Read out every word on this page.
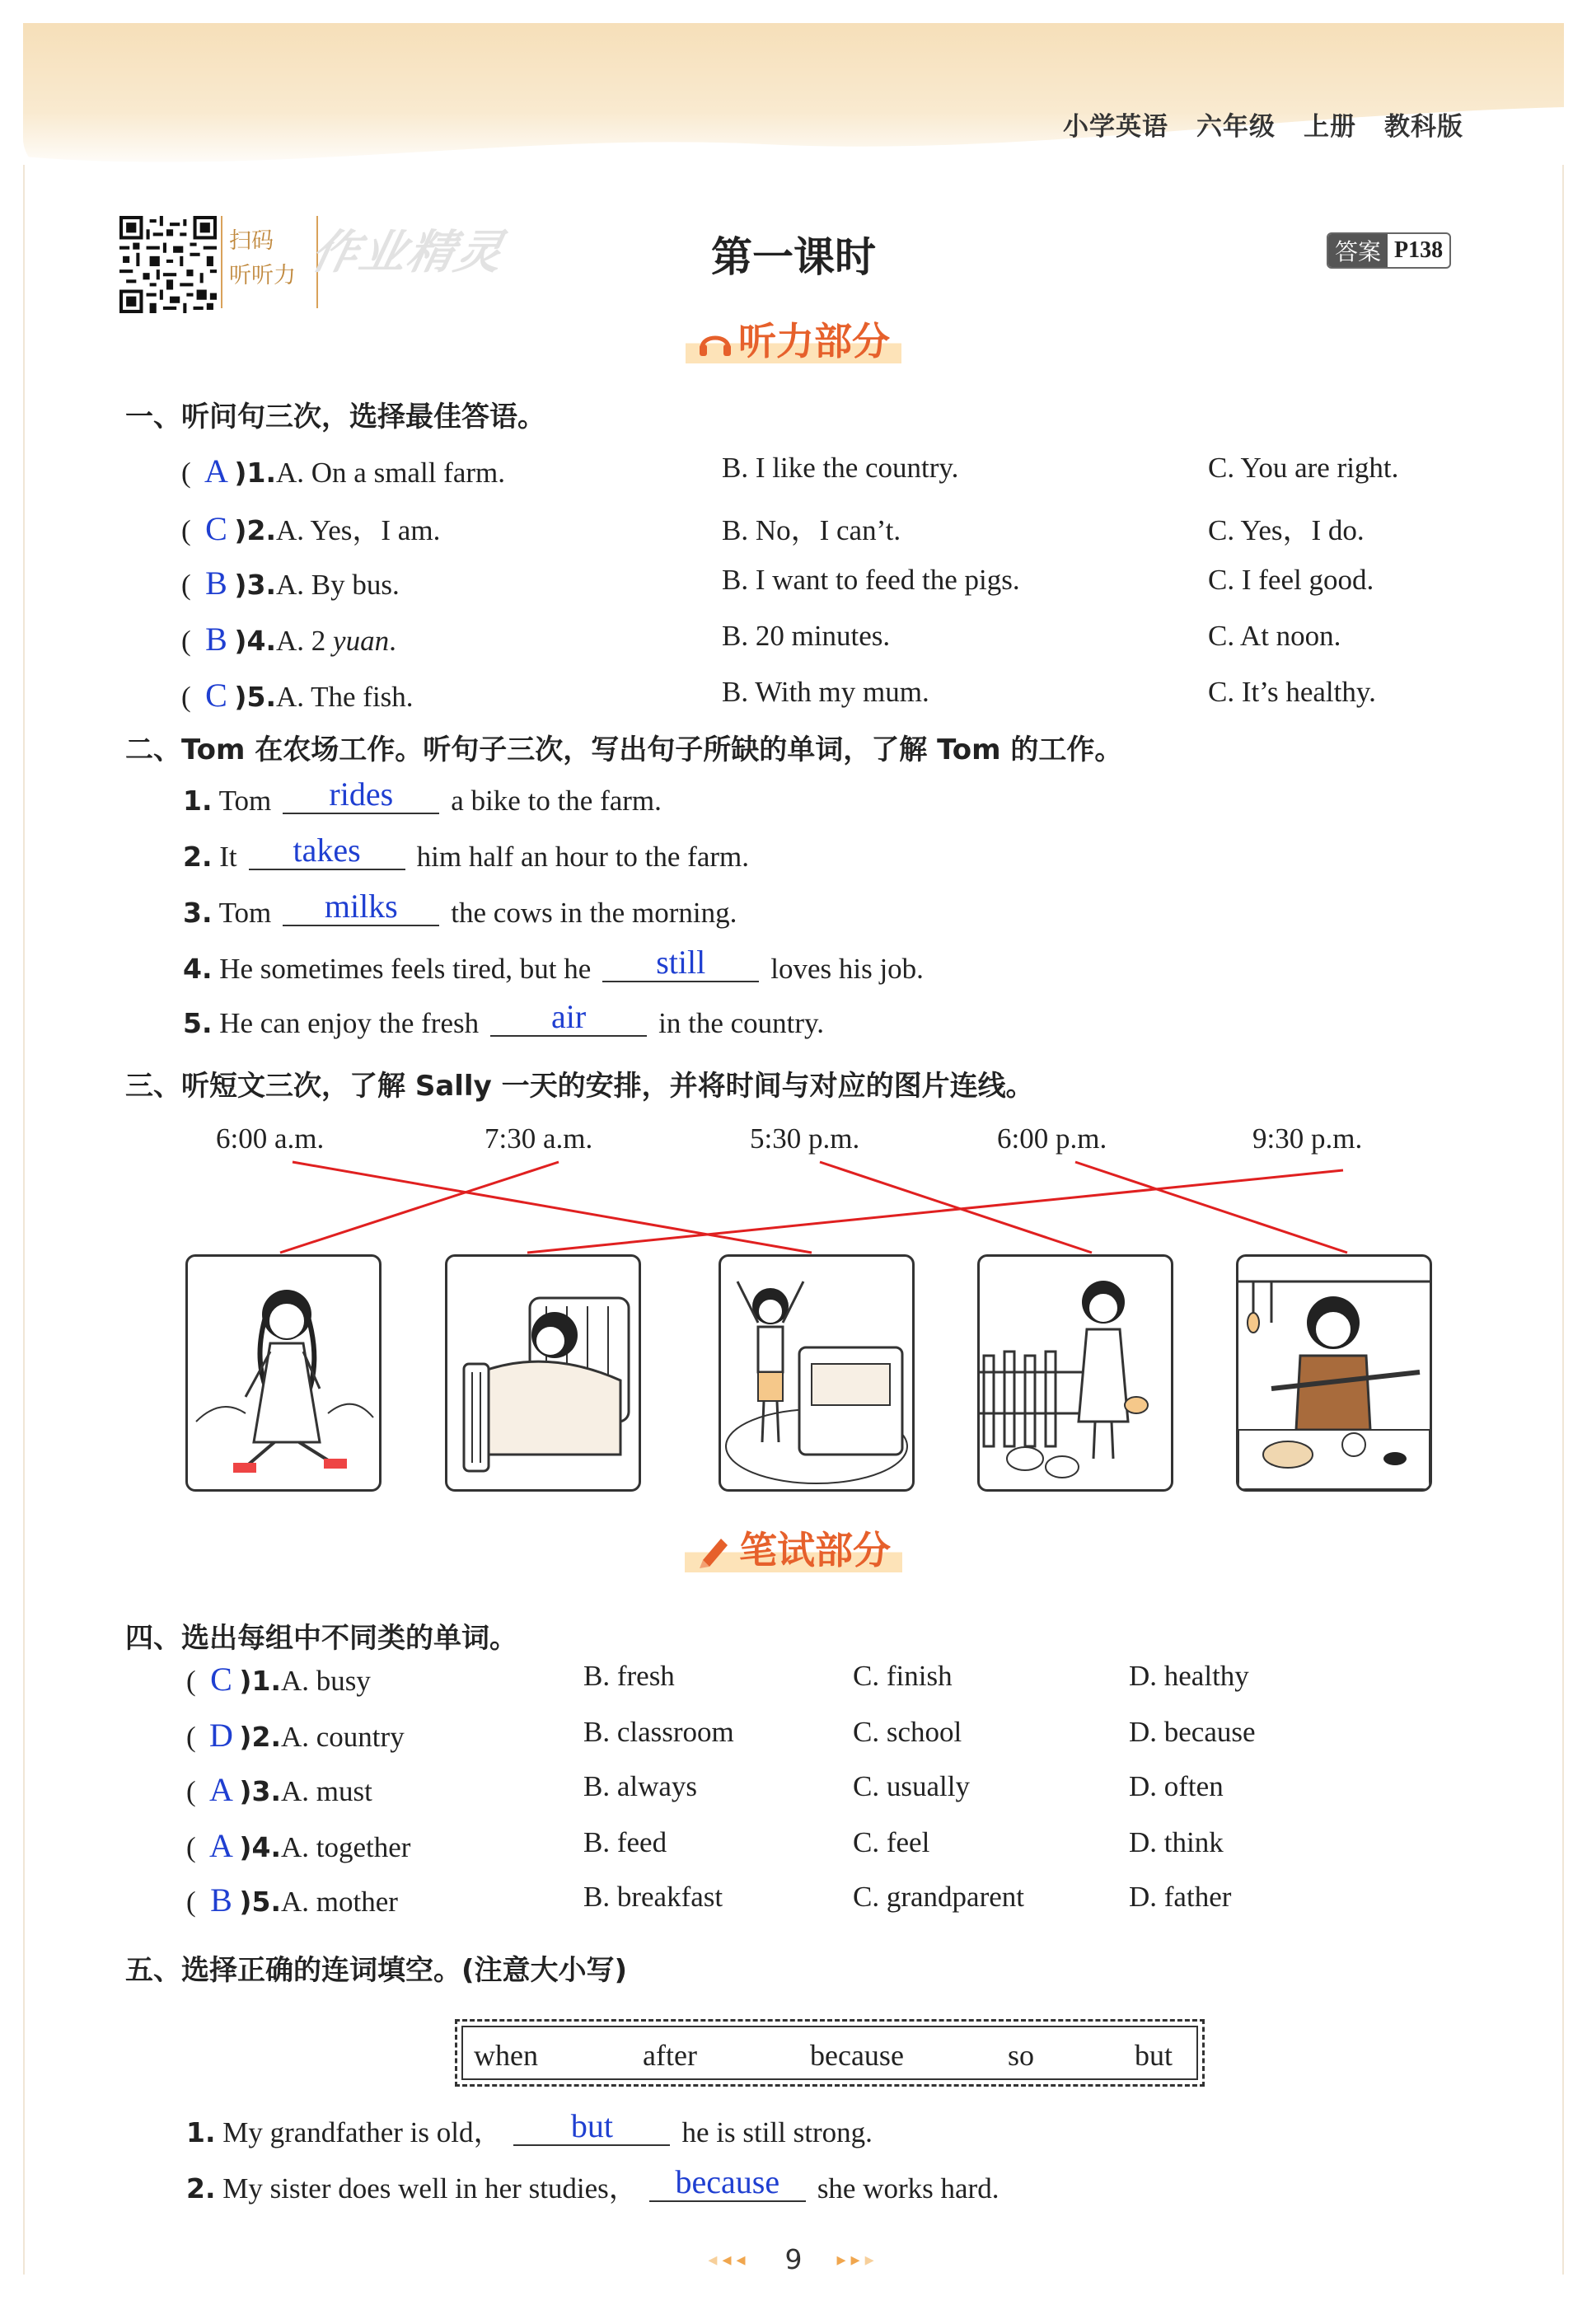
小学英语 六年级 上册 教科版
扫码
听听力 作业精灵	第一课时	答案 P138
听力部分
一、听问句三次，选择最佳答语。
( A )1.A. On a small farm.	B. I like the country.	C. You are right.
( C )2.A. Yes，I am.	B. No，I can’t.	C. Yes，I do.
( B )3.A. By bus.	B. I want to feed the pigs.	C. I feel good.
( B )4.A. 2 yuan.	B. 20 minutes.	C. At noon.
( C )5.A. The fish.	B. With my mum.	C. It’s healthy.
二、Tom 在农场工作。听句子三次，写出句子所缺的单词，了解 Tom 的工作。
1. Tom rides a bike to the farm.
2. It takes him half an hour to the farm.
3. Tom milks the cows in the morning.
4. He sometimes feels tired, but he still loves his job.
5. He can enjoy the fresh air	in the country.
三、听短文三次，了解 Sally 一天的安排，并将时间与对应的图片连线。
6:00 a.m.	7:30 a.m.	5:30 p.m.	6:00 p.m.	9:30 p.m.
笔试部分
四、选出每组中不同类的单词。
( C )1.A. busy	B. fresh	C. finish	D. healthy
( D )2.A. country	B. classroom	C. school	D. because
( A )3.A. must	B. always	C. usually	D. often
( A )4.A. together	B. feed	C. feel	D. think
( B )5.A. mother	B. breakfast	C. grandparent	D. father
五、选择正确的连词填空。(注意大小写)
when	after	because	so	but
1. My grandfather is old， but he is still strong.
2. My sister does well in her studies， because she works hard.
◂◂◂ 9 ▸▸▸
